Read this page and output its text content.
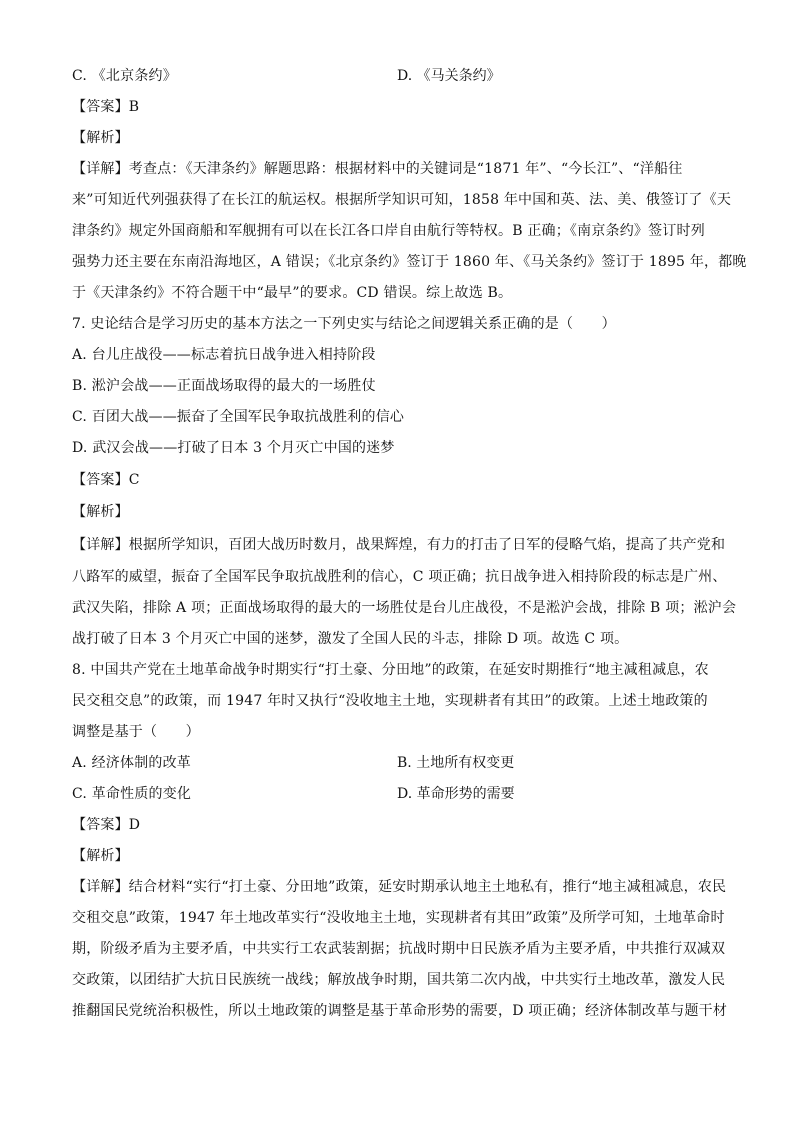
C. 《北京条约》	D. 《马关条约》
【答案】B
【解析】
【详解】考查点：《天津条约》解题思路：根据材料中的关键词是“1871 年”、“今长江”、“洋船往
来”可知近代列强获得了在长江的航运权。根据所学知识可知，1858 年中国和英、法、美、俄签订了《天
津条约》规定外国商船和军舰拥有可以在长江各口岸自由航行等特权。B 正确；《南京条约》签订时列
强势力还主要在东南沿海地区，A 错误；《北京条约》签订于 1860 年、《马关条约》签订于 1895 年，都晚
于《天津条约》不符合题干中“最早”的要求。CD 错误。综上故选 B。
7. 史论结合是学习历史的基本方法之一下列史实与结论之间逻辑关系正确的是（　　）
A. 台儿庄战役——标志着抗日战争进入相持阶段
B. 淞沪会战——正面战场取得的最大的一场胜仗
C. 百团大战——振奋了全国军民争取抗战胜利的信心
D. 武汉会战——打破了日本 3 个月灭亡中国的迷梦
【答案】C
【解析】
【详解】根据所学知识，百团大战历时数月，战果辉煌，有力的打击了日军的侵略气焰，提高了共产党和
八路军的威望，振奋了全国军民争取抗战胜利的信心，C 项正确；抗日战争进入相持阶段的标志是广州、
武汉失陷，排除 A 项；正面战场取得的最大的一场胜仗是台儿庄战役，不是淞沪会战，排除 B 项；淞沪会
战打破了日本 3 个月灭亡中国的迷梦，激发了全国人民的斗志，排除 D 项。故选 C 项。
8. 中国共产党在土地革命战争时期实行“打土豪、分田地”的政策，在延安时期推行“地主减租减息，农
民交租交息”的政策，而 1947 年时又执行“没收地主土地，实现耕者有其田”的政策。上述土地政策的
调整是基于（　　）
A. 经济体制的改革	B. 土地所有权变更
C. 革命性质的变化	D. 革命形势的需要
【答案】D
【解析】
【详解】结合材料“实行“打土豪、分田地”政策，延安时期承认地主土地私有，推行“地主减租减息，农民
交租交息”政策，1947 年土地改革实行“没收地主土地，实现耕者有其田”政策”及所学可知，土地革命时
期，阶级矛盾为主要矛盾，中共实行工农武装割据；抗战时期中日民族矛盾为主要矛盾，中共推行双减双
交政策，以团结扩大抗日民族统一战线；解放战争时期，国共第二次内战，中共实行土地改革，激发人民
推翻国民党统治积极性，所以土地政策的调整是基于革命形势的需要，D 项正确；经济体制改革与题干材
